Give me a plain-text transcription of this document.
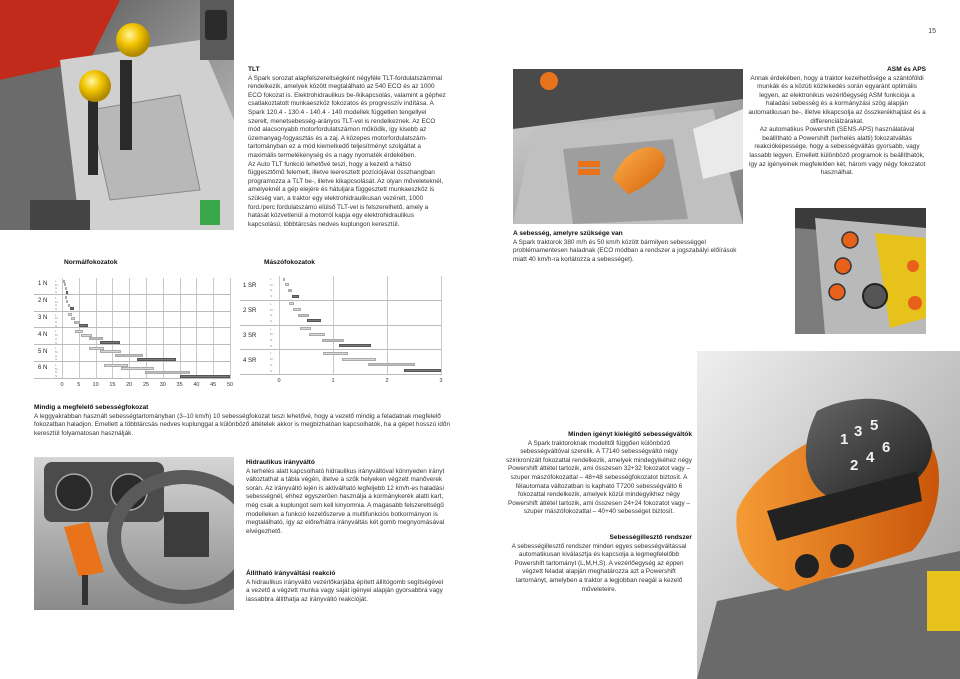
15
TLT

A Spark sorozat alapfelszereltségként négyféle TLT-fordulatszámmal rendelkezik, amelyek között megtalálható az 540 ECO és az 1000 ECO fokozat is. Elektrohidraulikus be-/kikapcsolás, valamint a géphez csatlakoztatott munkaeszköz fokozatos és progresszív indítása. A Spark 120.4 - 130.4 - 140.4 - 140 modellek független tengellyel szerelt, menetsebesség-arányos TLT-vel is rendelkeznek. Az ECO mód alacsonyabb motorfordulatszámon működik, így kisebb az üzemanyag-fogyasztás és a zaj. A közepes motorfordulatszám-tartományban ez a mód kiemelkedő teljesítményt szolgáltat a maximális termelékenység és a nagy nyomaték érdekében.

Az Auto TLT funkció lehetővé teszi, hogy a kezelő a hátsó függesztőmű felemelt, illetve leeresztett pozíciójával összhangban programozza a TLT be-, illetve kikapcsolását. Az olyan műveleteknél, amelyeknél a gép elejére és hátuljára függesztett munkaeszköz is szükség van, a traktor egy elektrohidraulikusan vezérelt, 1000 ford./perc fordulatszámú elülső TLT-vel is felszerelhető, amely a hatását közvetlenül a motorról kapja egy elektrohidraulikus kapcsolású, többtárcsás nedves kuplungon keresztül.

A sebesség, amelyre szüksége van
A Spark traktorok 380 m/h és 50 km/h között bármilyen sebességgel problémamentesen haladnak (ECO módban a rendszer a jogszabályi előírások miatt 40 km/h-ra korlátozza a sebességet).
ASM és APS

Annak érdekében, hogy a traktor kezelhetősége a szántóföldi munkák és a közúti közlekedés során egyaránt optimális legyen, az elektronikus vezérlőegység ASM funkciója a haladási sebesség és a kormányzási szög alapján automatikusan be-, illetve kikapcsolja az összkerékhajtást és a differenciálzárakat.

Az automatikus Powershift (SENS-APS) használatával beállítható a Powershift (terhelés alatti) fokozatváltás reakcióképessége, hogy a sebességváltás gyorsabb, vagy lassabb legyen. Emellett különböző programok is beállíthatók, így az igényeinek megfelelően két, három vagy négy fokozatot használhat.

Normálfokozatok	Mászófokozatok
1 N
L
M
H
S
2 N
L
M
H
S
3 N
L
M
H
S
4 N
L
M
H
S
5 N
L
M
H
S
6 N
L
M
H
S
0 5 10 15 20 25 30 35 40 45 50
1 SR
L
M
H
S
2 SR
L
M
H
S
3 SR
L
M
H
S
4 SR
L
M
H
S
0	1	2	3
Mindig a megfelelő sebességfokozat
A leggyakrabban használt sebességtartományban (3–10 km/h) 10 sebességfokozat teszi lehetővé, hogy a vezető mindig a feladatnak megfelelő fokozatban haladjon. Emellett a többtárcsás nedves kuplunggal a különböző áttételek akkor is megbízhatóan kapcsolhatók, ha a gépet hosszú időn keresztül folyamatosan használják.
Hidraulikus irányváltó
A terhelés alatt kapcsolható hidraulikus irányváltóval könnyeden irányt változtathat a tábla végén, illetve a szűk helyeken végzett manőverek során. Az irányváltó lején is aktiválható legfeljebb 12 km/h-es haladási sebességnél, ehhez egyszerűen használja a kormánykerék alatti kart, még csak a kuplungot sem kell kinyomnia. A magasabb felszereltségű modelleken a funkció kezelőszerve a multifunkciós botkormányon is megtalálható, így az előre/hátra irányváltás két gomb megnyomásával elvégezhető.
Állítható irányváltási reakció
A hidraulikus irányváltó vezérlőkarjába épített állítógomb segítségével a vezető a végzett munka vagy saját igényei alapján gyorsabbra vagy lassabbra állíthatja az irányváltó reakcióját.
Minden igényt kielégítő sebességváltók
A Spark traktoroknak modelltől függően különböző sebességváltóval szerelik. A T7140 sebességváltó négy szinkronizált fokozattal rendelkezik, amelyek mindegyikéhez négy Powershift áttétel tartozik, ami összesen 32+32 fokozatot vagy – szuper mászófokozattal – 48+48 sebességfokozatot biztosít. A félautomata változatban is kapható T7200 sebességváltó 6 fokozattal rendelkezik, amelyek közül mindegyikhez négy Powershift áttétel tartozik, ami összesen 24+24 fokozatot vagy – szuper mászófokozattal – 40+40 sebességet biztosít.
Sebességillesztő rendszer
A sebességillesztő rendszer minden egyes sebességváltással automatikusan kiválasztja és kapcsolja a legmegfelelőbb Powershift tartományt (L,M,H,S). A vezérlőegység az éppen végzett feladat alapján meghatározza azt a Powershift tartományt, amelyben a traktor a legjobban reagál a kezelő műveleteire.
1 3 5
2 4
6
